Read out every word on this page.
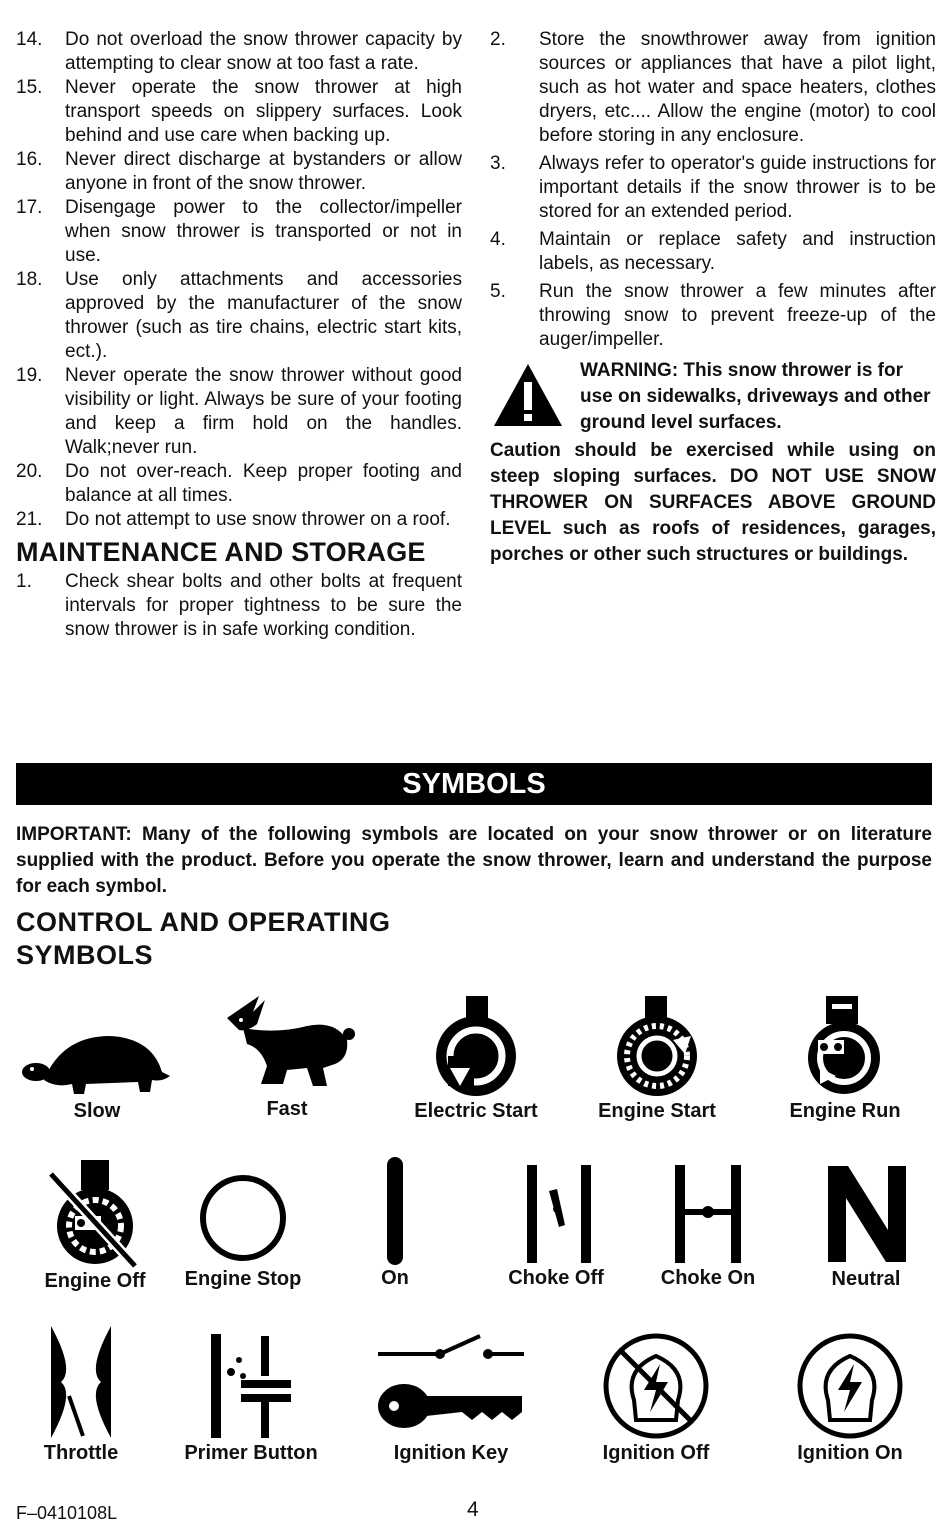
14. Do not overload the snow thrower capacity by attempting to clear snow at too fast a rate.
15. Never operate the snow thrower at high transport speeds on slippery surfaces. Look behind and use care when backing up.
16. Never direct discharge at bystanders or allow anyone in front of the snow thrower.
17. Disengage power to the collector/impeller when snow thrower is transported or not in use.
18. Use only attachments and accessories approved by the manufacturer of the snow thrower (such as tire chains, electric start kits, ect.).
19. Never operate the snow thrower without good visibility or light. Always be sure of your footing and keep a firm hold on the handles. Walk;never run.
20. Do not over-reach. Keep proper footing and balance at all times.
21. Do not attempt to use snow thrower on a roof.
MAINTENANCE AND STORAGE
1. Check shear bolts and other bolts at frequent intervals for proper tightness to be sure the snow thrower is in safe working condition.
2. Store the snowthrower away from ignition sources or appliances that have a pilot light, such as hot water and space heaters, clothes dryers, etc.... Allow the engine (motor) to cool before storing in any enclosure.
3. Always refer to operator's guide instructions for important details if the snow thrower is to be stored for an extended period.
4. Maintain or replace safety and instruction labels, as necessary.
5. Run the snow thrower a few minutes after throwing snow to prevent freeze-up of the auger/impeller.
WARNING: This snow thrower is for use on sidewalks, driveways and other ground level surfaces.
Caution should be exercised while using on steep sloping surfaces. DO NOT USE SNOW THROWER ON SURFACES ABOVE GROUND LEVEL such as roofs of residences, garages, porches or other such structures or buildings.
SYMBOLS
IMPORTANT: Many of the following symbols are located on your snow thrower or on literature supplied with the product. Before you operate the snow thrower, learn and understand the purpose for each symbol.
CONTROL AND OPERATING
SYMBOLS
Slow	Fast	Electric Start	Engine Start	Engine Run
Engine Off	Engine Stop	On	Choke Off	Choke On	Neutral
Throttle	Primer Button	Ignition Key	Ignition Off	Ignition On
F–0410108L	4
